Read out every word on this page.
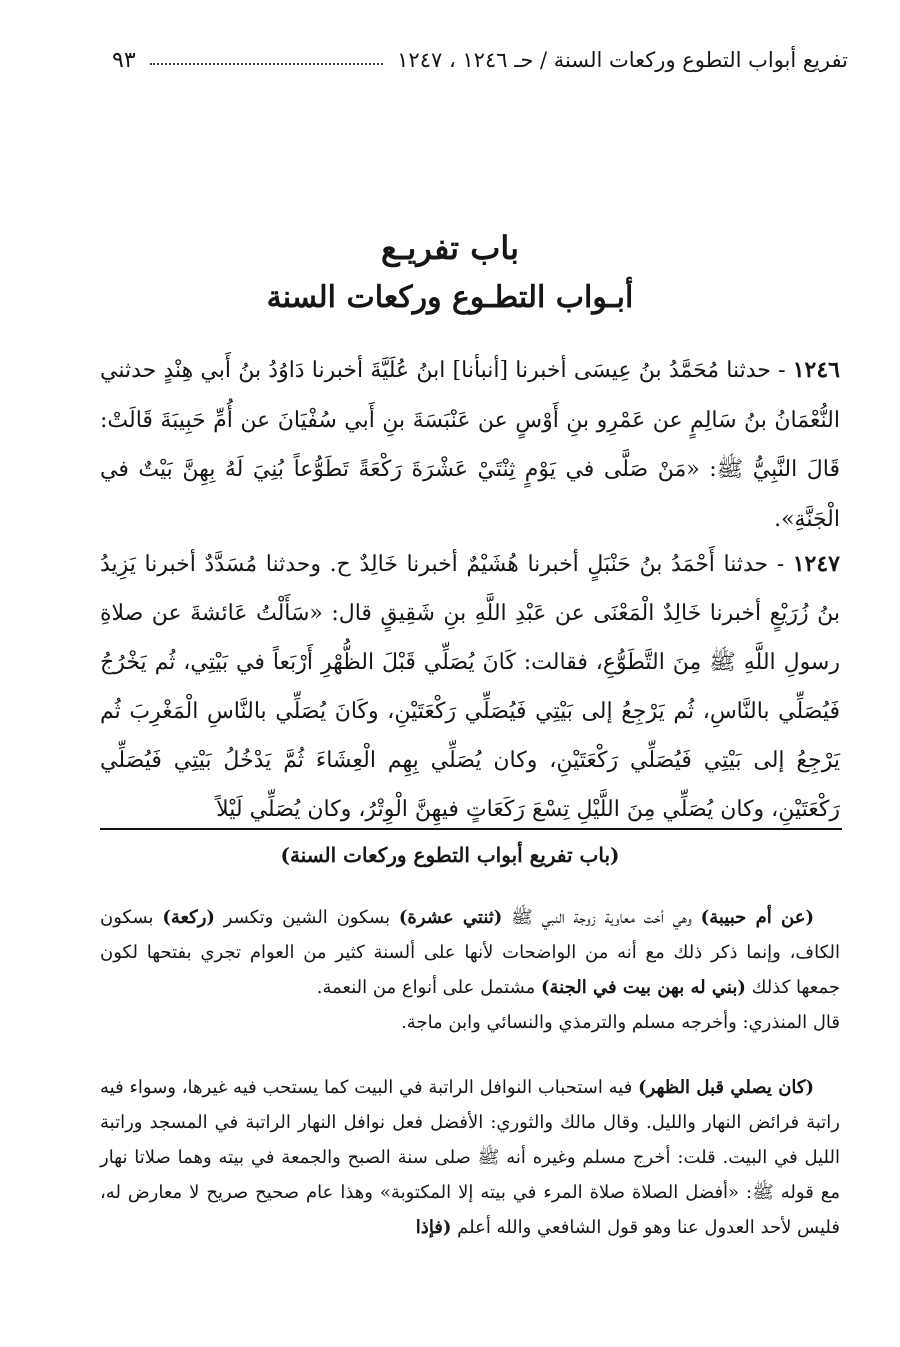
تفريع أبواب التطوع وركعات السنة / حـ ١٢٤٦ ، ١٢٤٧
٩٣
باب تفريـع
أبـواب التطـوع وركعات السنة
١٢٤٦ - حدثنا مُحَمَّدُ بنُ عِيسَى أخبرنا [أنبأنا] ابنُ عُلَيَّةَ أخبرنا دَاوُدُ بنُ أَبي هِنْدٍ حدثني النُّعْمَانُ بنُ سَالِمٍ عن عَمْرِو بنِ أَوْسٍ عن عَنْبَسَةَ بنِ أَبي سُفْيَانَ عن أُمِّ حَبِيبَةَ قَالَتْ: قَالَ النَّبِيُّ ﷺ: «مَنْ صَلَّى في يَوْمٍ ثِنْتَيْ عَشْرَةَ رَكْعَةً تَطَوُّعاً بُنِيَ لَهُ بِهِنَّ بَيْتٌ في الْجَنَّةِ».
١٢٤٧ - حدثنا أَحْمَدُ بنُ حَنْبَلٍ أخبرنا هُشَيْمٌ أخبرنا خَالِدٌ ح. وحدثنا مُسَدَّدٌ أخبرنا يَزِيدُ بنُ زُرَيْعٍ أخبرنا خَالِدٌ الْمَعْنَى عن عَبْدِ اللَّهِ بنِ شَقِيقٍ قال: «سَأَلْتُ عَائشةَ عن صلاةِ رسولِ اللَّهِ ﷺ مِنَ التَّطَوُّعِ، فقالت: كَانَ يُصَلِّي قَبْلَ الظُّهْرِ أَرْبَعاً في بَيْتِي، ثُم يَخْرُجُ فَيُصَلِّي بالنَّاسِ، ثُم يَرْجِعُ إلى بَيْتِي فَيُصَلِّي رَكْعَتَيْنِ، وكَانَ يُصَلِّي بالنَّاسِ الْمَغْرِبَ ثُم يَرْجِعُ إلى بَيْتِي فَيُصَلِّي رَكْعَتَيْنِ، وكان يُصَلِّي بِهِم الْعِشَاءَ ثُمَّ يَدْخُلُ بَيْتِي فَيُصَلِّي رَكْعَتَيْنِ، وكان يُصَلِّي مِنَ اللَّيْلِ تِسْعَ رَكَعَاتٍ فيهِنَّ الْوِتْرُ، وكان يُصَلِّي لَيْلاً
(باب تفريع أبواب التطوع وركعات السنة)
(عن أم حبيبة) وهي أخت معاوية زوجة النبي ﷺ (ثنتي عشرة) بسكون الشين وتكسر (ركعة) بسكون الكاف، وإنما ذكر ذلك مع أنه من الواضحات لأنها على ألسنة كثير من العوام تجري بفتحها لكون جمعها كذلك (بني له بهن بيت في الجنة) مشتمل على أنواع من النعمة.
قال المنذري: وأخرجه مسلم والترمذي والنسائي وابن ماجة.
(كان يصلي قبل الظهر) فيه استحباب النوافل الراتبة في البيت كما يستحب فيه غيرها، وسواء فيه راتبة فرائض النهار والليل. وقال مالك والثوري: الأفضل فعل نوافل النهار الراتبة في المسجد وراتبة الليل في البيت. قلت: أخرج مسلم وغيره أنه ﷺ صلى سنة الصبح والجمعة في بيته وهما صلاتا نهار مع قوله ﷺ: «أفضل الصلاة صلاة المرء في بيته إلا المكتوبة» وهذا عام صحيح صريح لا معارض له، فليس لأحد العدول عنا وهو قول الشافعي والله أعلم (فإذا
